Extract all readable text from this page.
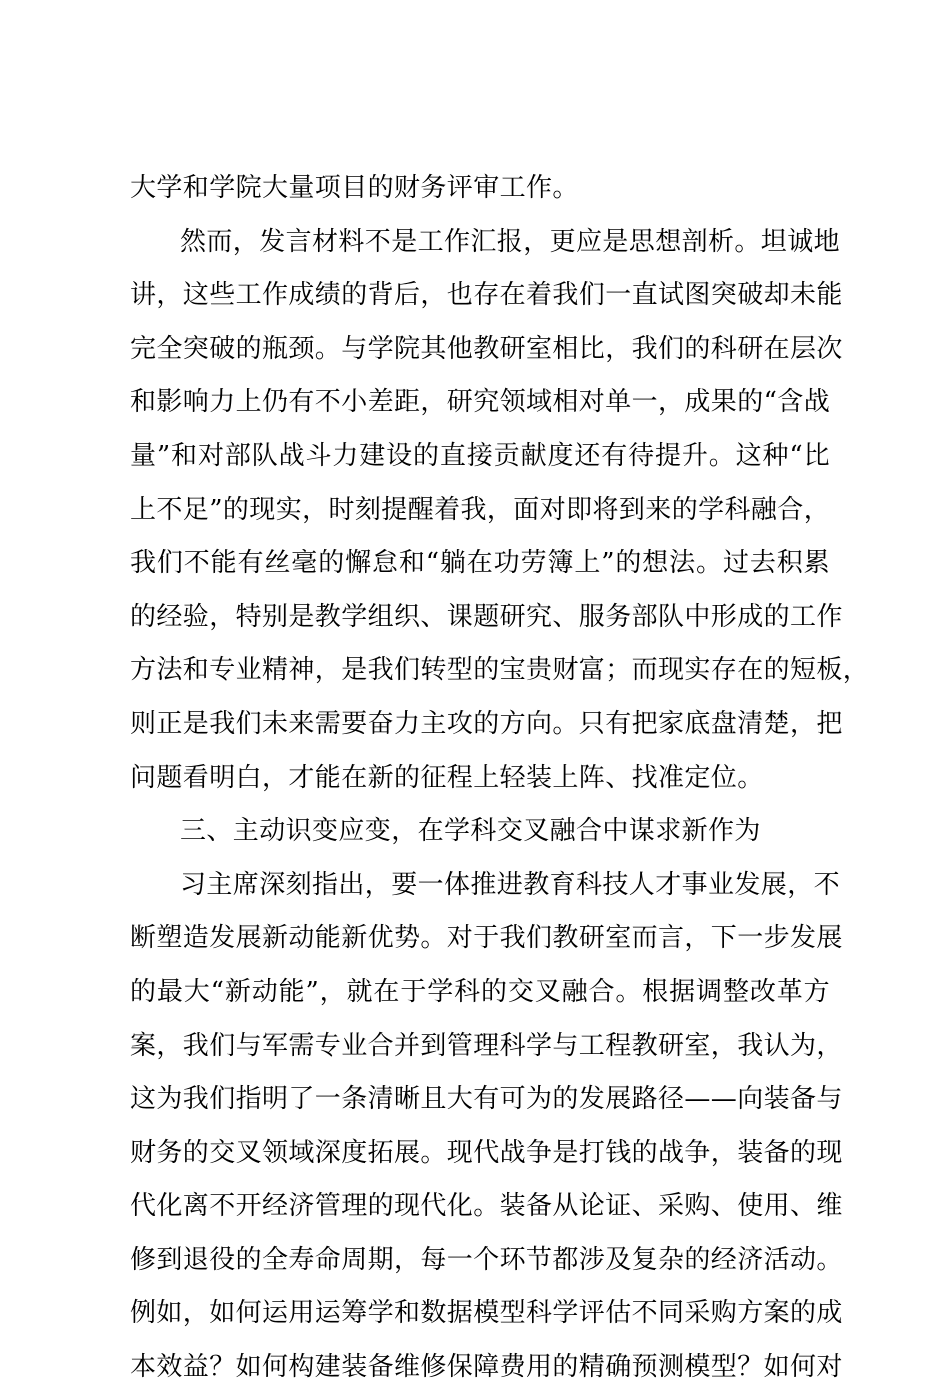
大学和学院大量项目的财务评审工作。
然而，发言材料不是工作汇报，更应是思想剖析。坦诚地
讲，这些工作成绩的背后，也存在着我们一直试图突破却未能
完全突破的瓶颈。与学院其他教研室相比，我们的科研在层次
和影响力上仍有不小差距，研究领域相对单一，成果的“含战
量”和对部队战斗力建设的直接贡献度还有待提升。这种“比
上不足”的现实，时刻提醒着我，面对即将到来的学科融合，
我们不能有丝毫的懈怠和“躺在功劳簿上”的想法。过去积累
的经验，特别是教学组织、课题研究、服务部队中形成的工作
方法和专业精神，是我们转型的宝贵财富；而现实存在的短板，
则正是我们未来需要奋力主攻的方向。只有把家底盘清楚，把
问题看明白，才能在新的征程上轻装上阵、找准定位。
三、主动识变应变，在学科交叉融合中谋求新作为
习主席深刻指出，要一体推进教育科技人才事业发展，不
断塑造发展新动能新优势。对于我们教研室而言，下一步发展
的最大“新动能”，就在于学科的交叉融合。根据调整改革方
案，我们与军需专业合并到管理科学与工程教研室，我认为，
这为我们指明了一条清晰且大有可为的发展路径——向装备与
财务的交叉领域深度拓展。现代战争是打钱的战争，装备的现
代化离不开经济管理的现代化。装备从论证、采购、使用、维
修到退役的全寿命周期，每一个环节都涉及复杂的经济活动。
例如，如何运用运筹学和数据模型科学评估不同采购方案的成
本效益？如何构建装备维修保障费用的精确预测模型？如何对
